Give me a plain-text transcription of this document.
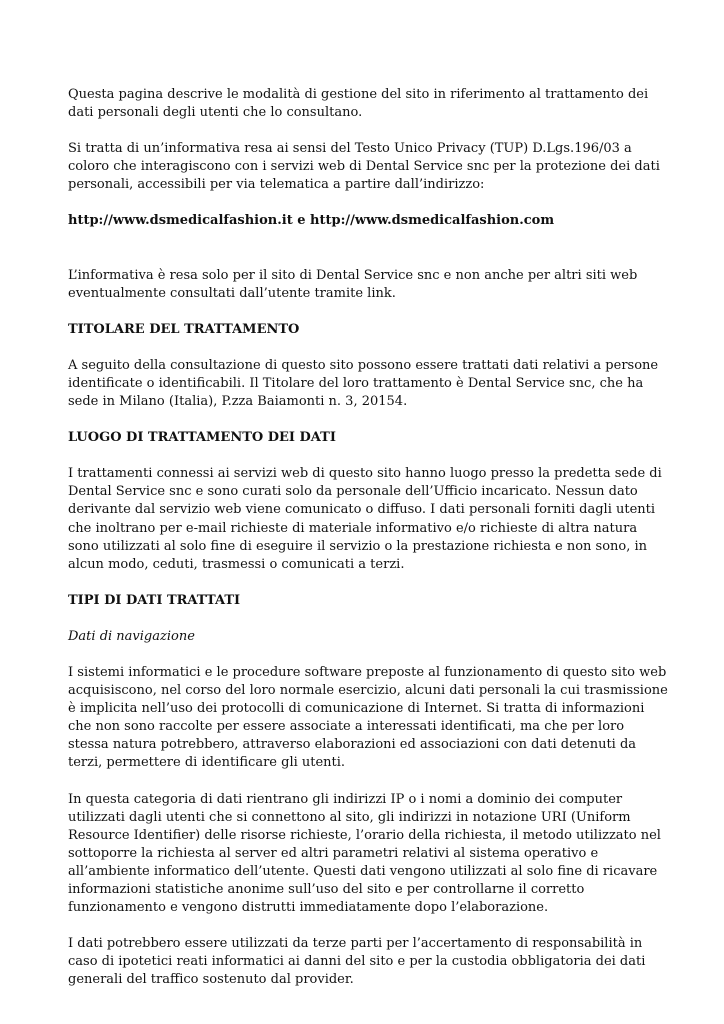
Questa pagina descrive le modalità di gestione del sito in riferimento al trattamento dei dati personali degli utenti che lo consultano.

Si tratta di un’informativa resa ai sensi del Testo Unico Privacy (TUP) D.Lgs.196/03 a coloro che interagiscono con i servizi web di Dental Service snc per la protezione dei dati personali, accessibili per via telematica a partire dall’indirizzo:

http://www.dsmedicalfashion.it e http://www.dsmedicalfashion.com

L’informativa è resa solo per il sito di Dental Service snc e non anche per altri siti web eventualmente consultati dall’utente tramite link.

TITOLARE DEL TRATTAMENTO

A seguito della consultazione di questo sito possono essere trattati dati relativi a persone identificate o identificabili. Il Titolare del loro trattamento è Dental Service snc, che ha sede in Milano (Italia), P.zza Baiamonti n. 3, 20154.

LUOGO DI TRATTAMENTO DEI DATI

I trattamenti connessi ai servizi web di questo sito hanno luogo presso la predetta sede di Dental Service snc e sono curati solo da personale dell’Ufficio incaricato. Nessun dato derivante dal servizio web viene comunicato o diffuso. I dati personali forniti dagli utenti che inoltrano per e-mail richieste di materiale informativo e/o richieste di altra natura sono utilizzati al solo fine di eseguire il servizio o la prestazione richiesta e non sono, in alcun modo, ceduti, trasmessi o comunicati a terzi.

TIPI DI DATI TRATTATI

Dati di navigazione

I sistemi informatici e le procedure software preposte al funzionamento di questo sito web acquisiscono, nel corso del loro normale esercizio, alcuni dati personali la cui trasmissione è implicita nell’uso dei protocolli di comunicazione di Internet. Si tratta di informazioni che non sono raccolte per essere associate a interessati identificati, ma che per loro stessa natura potrebbero, attraverso elaborazioni ed associazioni con dati detenuti da terzi, permettere di identificare gli utenti.

In questa categoria di dati rientrano gli indirizzi IP o i nomi a dominio dei computer utilizzati dagli utenti che si connettono al sito, gli indirizzi in notazione URI (Uniform Resource Identifier) delle risorse richieste, l’orario della richiesta, il metodo utilizzato nel sottoporre la richiesta al server ed altri parametri relativi al sistema operativo e all’ambiente informatico dell’utente. Questi dati vengono utilizzati al solo fine di ricavare informazioni statistiche anonime sull’uso del sito e per controllarne il corretto funzionamento e vengono distrutti immediatamente dopo l’elaborazione.

I dati potrebbero essere utilizzati da terze parti per l’accertamento di responsabilità in caso di ipotetici reati informatici ai danni del sito e per la custodia obbligatoria dei dati generali del traffico sostenuto dal provider.
